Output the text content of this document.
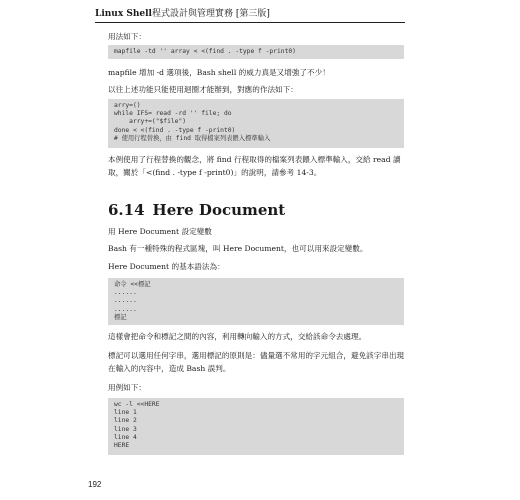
Linux Shell程式設計與管理實務 [第三版]
用法如下：
mapfile -td '' array < <(find . -type f -print0)
mapfile 增加 -d 選項後，Bash shell 的威力真是又增強了不少！
以往上述功能只能使用迴圈才能辦到，對應的作法如下：
arry=()
while IFS= read -rd '' file; do
arry+=("$file")
done < <(find . -type f -print0)
# 使用行程替換，由 find 取得檔案列表餵入標準輸入
本例使用了行程替換的觀念，將 find 行程取得的檔案列表餵入標準輸入，交給 read 讀取，關於「<(find . -type f -print0)」的說明，請參考 14-3。
6.14 Here Document
用 Here Document 設定變數
Bash 有一種特殊的程式區塊，叫 Here Document，也可以用來設定變數。
Here Document 的基本語法為：
命令 <<標記
......
......
......
標記
這樣會把命令和標記之間的內容，利用轉向輸入的方式，交給該命令去處理。
標記可以選用任何字串，選用標記的原則是：儘量選不常用的字元組合，避免該字串出現在輸入的內容中，造成 Bash 誤判。
用例如下：
wc -l <<HERE
line 1
line 2
line 3
line 4
HERE
192
